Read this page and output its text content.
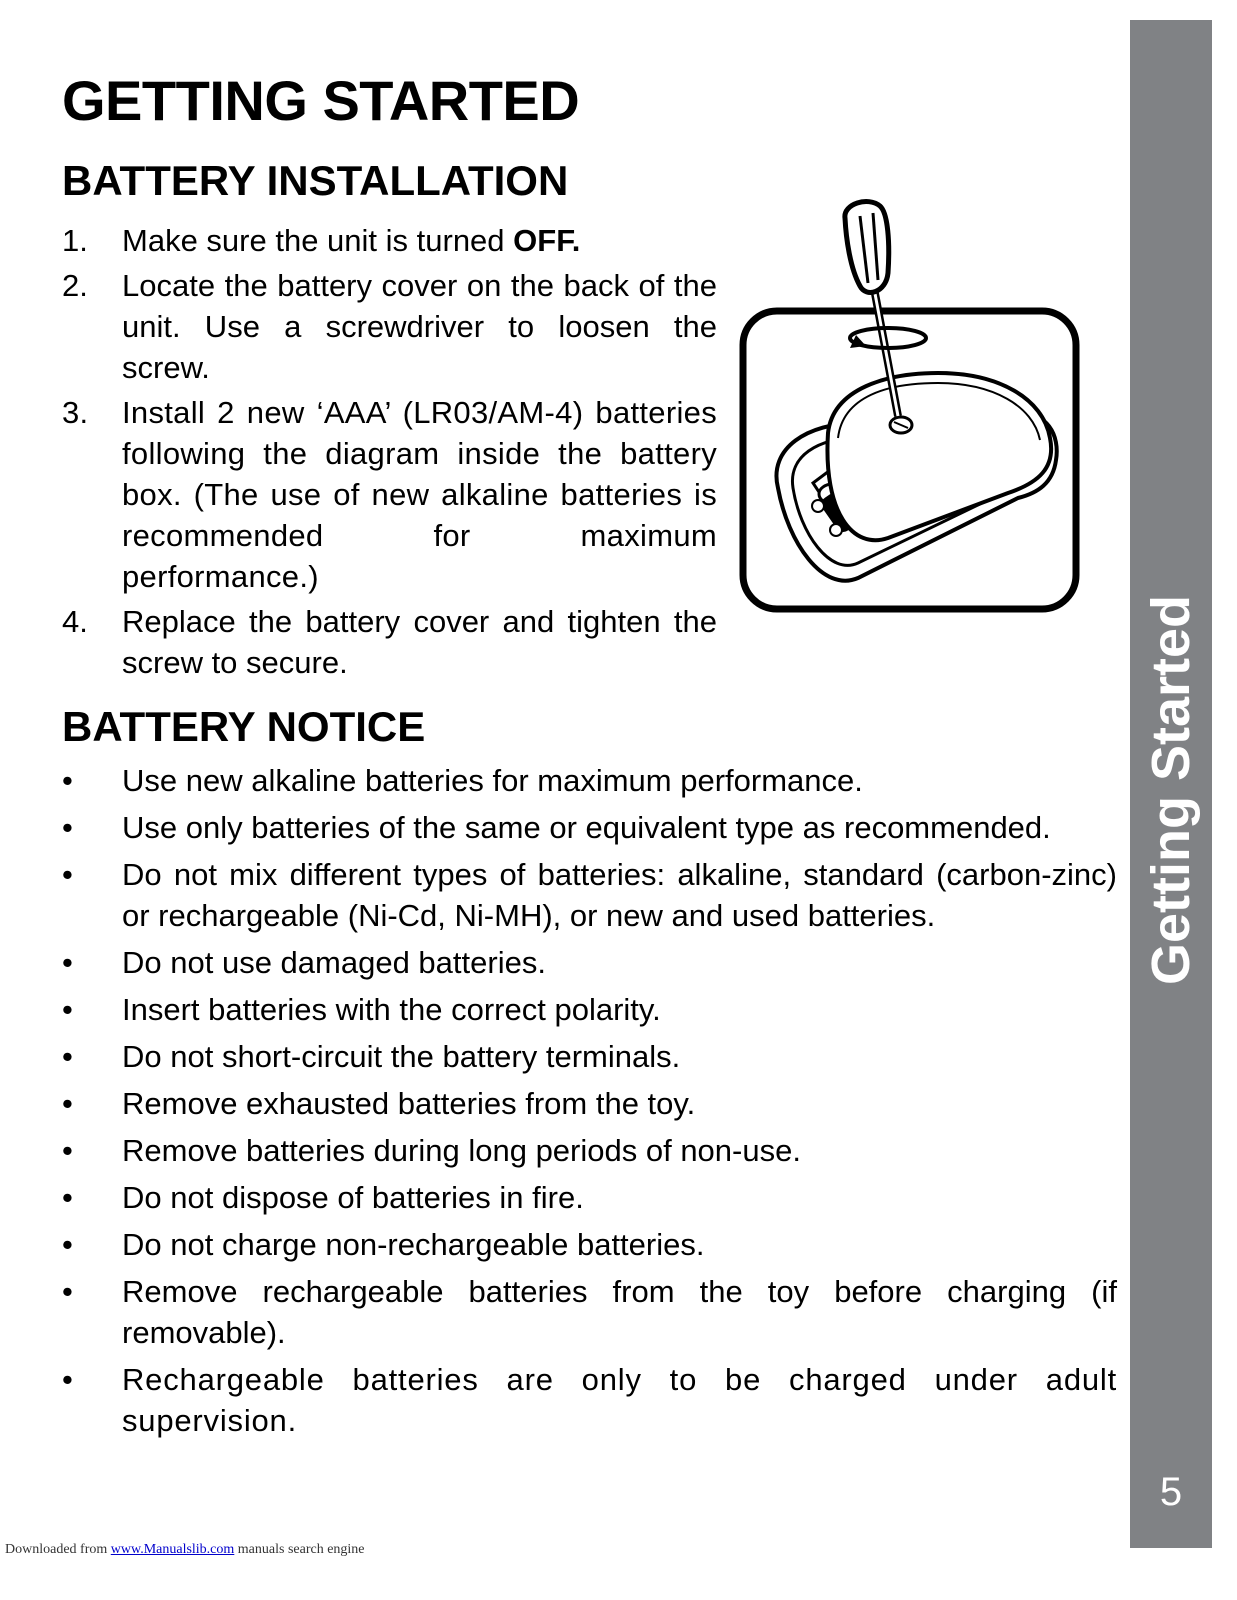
GETTING STARTED
BATTERY INSTALLATION
1. Make sure the unit is turned OFF.
2. Locate the battery cover on the back of the unit. Use a screwdriver to loosen the screw.
3. Install 2 new ‘AAA’ (LR03/AM-4) batteries following the diagram inside the battery box. (The use of new alkaline batteries is recommended for maximum performance.)
4. Replace the battery cover and tighten the screw to secure.
BATTERY NOTICE
• Use new alkaline batteries for maximum performance.
• Use only batteries of the same or equivalent type as recommended.
• Do not mix different types of batteries: alkaline, standard (carbon-zinc) or rechargeable (Ni-Cd, Ni-MH), or new and used batteries.
• Do not use damaged batteries.
• Insert batteries with the correct polarity.
• Do not short-circuit the battery terminals.
• Remove exhausted batteries from the toy.
• Remove batteries during long periods of non-use.
• Do not dispose of batteries in fire.
• Do not charge non-rechargeable batteries.
• Remove rechargeable batteries from the toy before charging (if removable).
• Rechargeable batteries are only to be charged under adult supervision.
Getting Started
5
Downloaded from www.Manualslib.com manuals search engine
